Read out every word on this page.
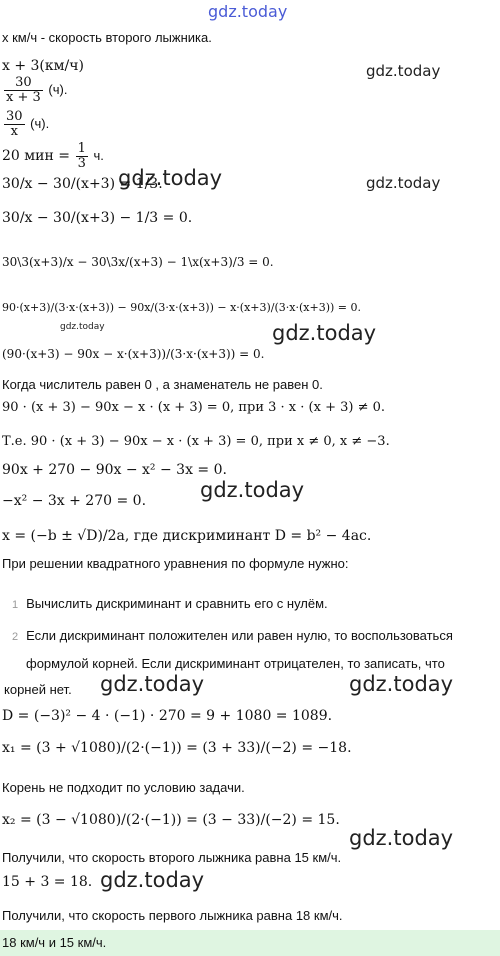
gdz.today
gdz.today
gdz.today	gdz.today
gdz.today	gdz.today
gdz.today
gdz.today	gdz.today
gdz.today
gdz.today
x км/ч - скорость второго лыжника.
x + 3(км/ч)
$\frac{30}{x + 3} (ч)$.
$\frac{30}{x} (ч)$.
20 мин = $\frac{1}{3} ч$.
30/x − 30/(x+3) = 1/3.
30/x − 30/(x+3) − 1/3 = 0.
30\3(x+3)/x − 30\3x/(x+3) − 1\x(x+3)/3 = 0.
90·(x+3)/(3·x·(x+3)) − 90x/(3·x·(x+3)) − x·(x+3)/(3·x·(x+3)) = 0.
(90·(x+3) − 90x − x·(x+3))/(3·x·(x+3)) = 0.
Когда числитель равен 0 , а знаменатель не равен 0.
90 · (x + 3) − 90x − x · (x + 3) = 0, при 3 · x · (x + 3) ≠ 0.
Т.е. 90 · (x + 3) − 90x − x · (x + 3) = 0, при x ≠ 0, x ≠ −3.
90x + 270 − 90x − x² − 3x = 0.
−x² − 3x + 270 = 0.
x = (−b ± √D)/2a, где дискриминант D = b² − 4ac.
При решении квадратного уравнения по формуле нужно:
1 Вычислить дискриминант и сравнить его с нулём.
2 Если дискриминант положителен или равен нулю, то воспользоваться
формулой корней. Если дискриминант отрицателен, то записать, что
корней нет.
D = (−3)² − 4 · (−1) · 270 = 9 + 1080 = 1089.
x₁ = (3 + √1080)/(2·(−1)) = (3 + 33)/(−2) = −18.
Корень не подходит по условию задачи.
x₂ = (3 − √1080)/(2·(−1)) = (3 − 33)/(−2) = 15.
Получили, что скорость второго лыжника равна 15 км/ч.
15 + 3 = 18.
Получили, что скорость первого лыжника равна 18 км/ч.
18 км/ч и 15 км/ч.
